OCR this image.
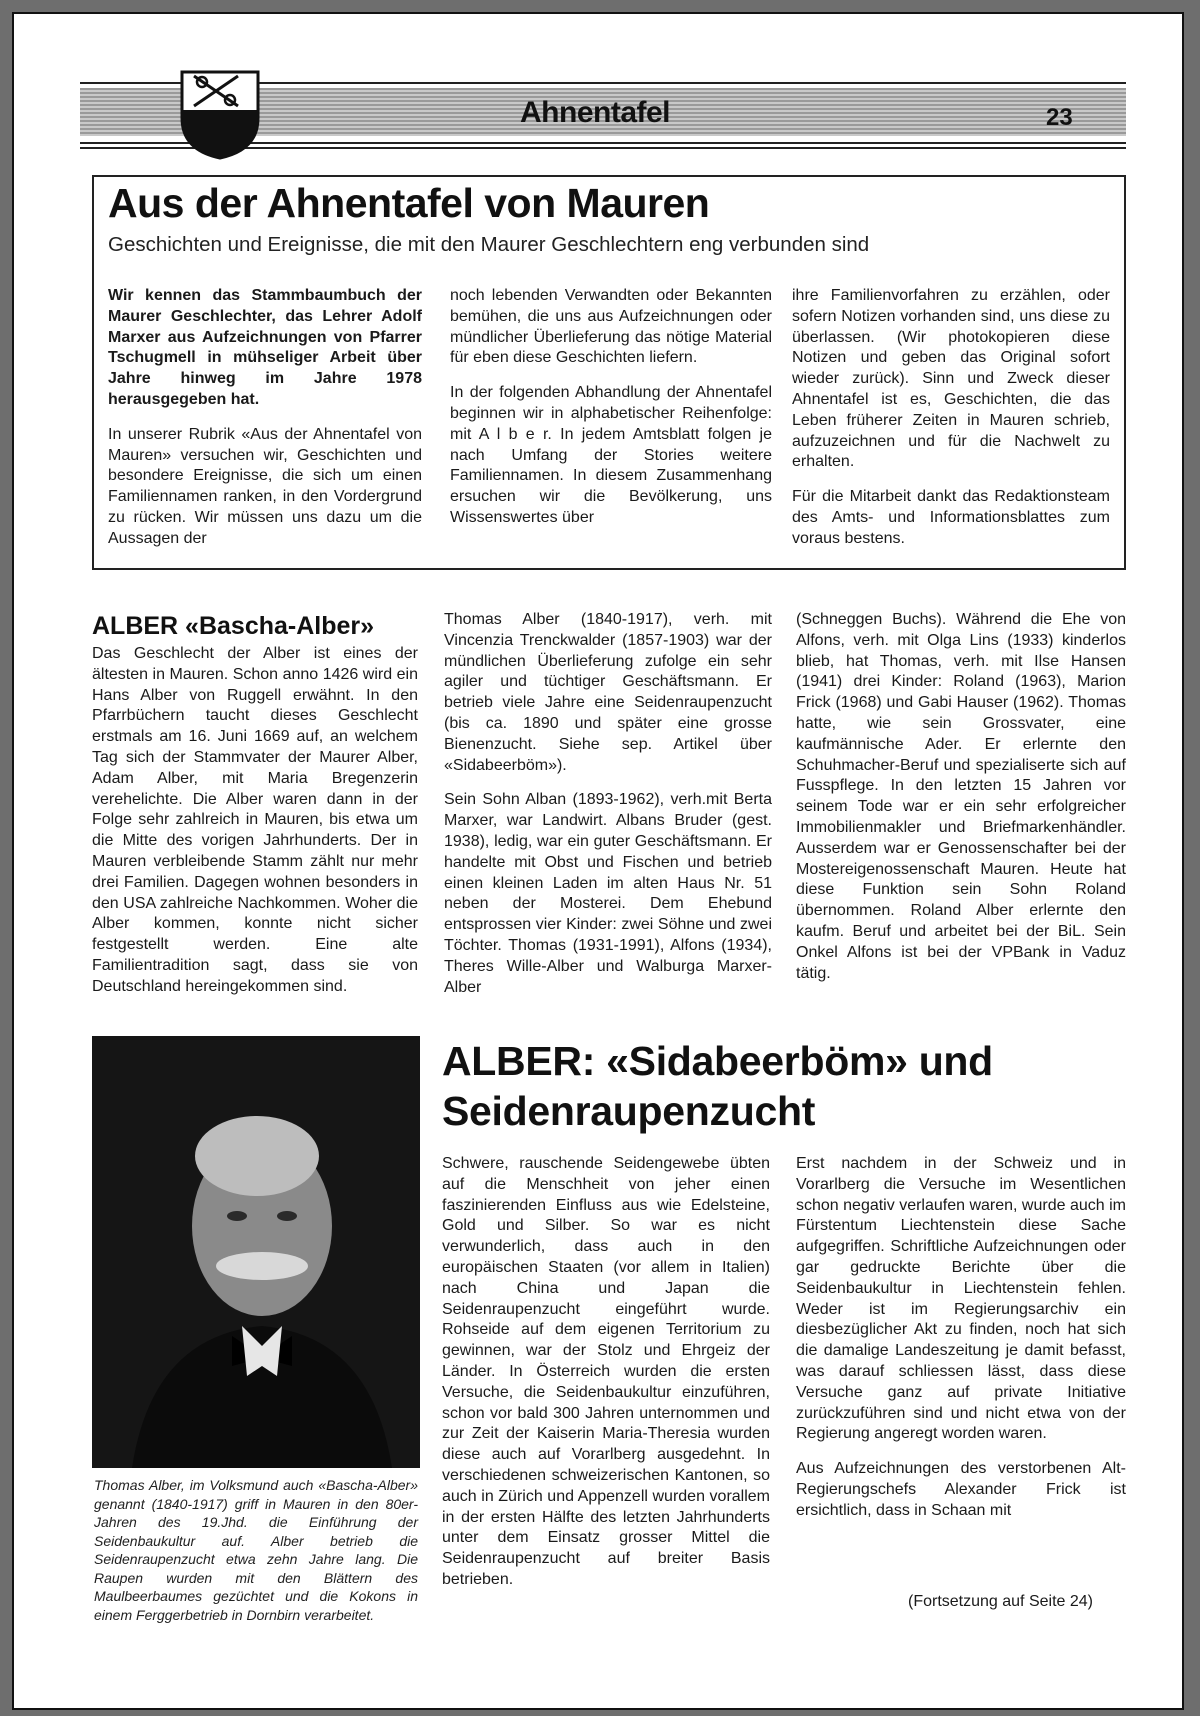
Ahnentafel	23
Aus der Ahnentafel von Mauren
Geschichten und Ereignisse, die mit den Maurer Geschlechtern eng verbunden sind

Wir kennen das Stammbaumbuch der Maurer Geschlechter, das Lehrer Adolf Marxer aus Aufzeichnungen von Pfarrer Tschugmell in mühseliger Arbeit über Jahre hinweg im Jahre 1978 herausgegeben hat.

In unserer Rubrik «Aus der Ahnentafel von Mauren» versuchen wir, Geschichten und besondere Ereignisse, die sich um einen Familiennamen ranken, in den Vordergrund zu rücken. Wir müssen uns dazu um die Aussagen der

noch lebenden Verwandten oder Bekannten bemühen, die uns aus Aufzeichnungen oder mündlicher Überlieferung das nötige Material für eben diese Geschichten liefern.

In der folgenden Abhandlung der Ahnentafel beginnen wir in alphabetischer Reihenfolge: mit A l b e r. In jedem Amtsblatt folgen je nach Umfang der Stories weitere Familiennamen. In diesem Zusammenhang ersuchen wir die Bevölkerung, uns Wissenswertes über

ihre Familienvorfahren zu erzählen, oder sofern Notizen vorhanden sind, uns diese zu überlassen. (Wir photokopieren diese Notizen und geben das Original sofort wieder zurück). Sinn und Zweck dieser Ahnentafel ist es, Geschichten, die das Leben früherer Zeiten in Mauren schrieb, aufzuzeichnen und für die Nachwelt zu erhalten.

Für die Mitarbeit dankt das Redaktionsteam des Amts- und Informationsblattes zum voraus bestens.

ALBER «Bascha-Alber»

Das Geschlecht der Alber ist eines der ältesten in Mauren. Schon anno 1426 wird ein Hans Alber von Ruggell erwähnt. In den Pfarrbüchern taucht dieses Geschlecht erstmals am 16. Juni 1669 auf, an welchem Tag sich der Stammvater der Maurer Alber, Adam Alber, mit Maria Bregenzerin verehelichte. Die Alber waren dann in der Folge sehr zahlreich in Mauren, bis etwa um die Mitte des vorigen Jahrhunderts. Der in Mauren verbleibende Stamm zählt nur mehr drei Familien. Dagegen wohnen besonders in den USA zahlreiche Nachkommen. Woher die Alber kommen, konnte nicht sicher festgestellt werden. Eine alte Familientradition sagt, dass sie von Deutschland hereingekommen sind.

Thomas Alber (1840-1917), verh. mit Vincenzia Trenckwalder (1857-1903) war der mündlichen Überlieferung zufolge ein sehr agiler und tüchtiger Geschäftsmann. Er betrieb viele Jahre eine Seidenraupenzucht (bis ca. 1890 und später eine grosse Bienenzucht. Siehe sep. Artikel über «Sidabeerböm»).

Sein Sohn Alban (1893-1962), verh.mit Berta Marxer, war Landwirt. Albans Bruder (gest. 1938), ledig, war ein guter Geschäftsmann. Er handelte mit Obst und Fischen und betrieb einen kleinen Laden im alten Haus Nr. 51 neben der Mosterei. Dem Ehebund entsprossen vier Kinder: zwei Söhne und zwei Töchter. Thomas (1931-1991), Alfons (1934), Theres Wille-Alber und Walburga Marxer-Alber

(Schneggen Buchs). Während die Ehe von Alfons, verh. mit Olga Lins (1933) kinderlos blieb, hat Thomas, verh. mit Ilse Hansen (1941) drei Kinder: Roland (1963), Marion Frick (1968) und Gabi Hauser (1962). Thomas hatte, wie sein Grossvater, eine kaufmännische Ader. Er erlernte den Schuhmacher-Beruf und spezialiserte sich auf Fusspflege. In den letzten 15 Jahren vor seinem Tode war er ein sehr erfolgreicher Immobilienmakler und Briefmarkenhändler. Ausserdem war er Genossenschafter bei der Mostereigenossenschaft Mauren. Heute hat diese Funktion sein Sohn Roland übernommen. Roland Alber erlernte den kaufm. Beruf und arbeitet bei der BiL. Sein Onkel Alfons ist bei der VPBank in Vaduz tätig.

Thomas Alber, im Volksmund auch «Bascha-Alber» genannt (1840-1917) griff in Mauren in den 80er-Jahren des 19.Jhd. die Einführung der Seidenbaukultur auf. Alber betrieb die Seidenraupenzucht etwa zehn Jahre lang. Die Raupen wurden mit den Blättern des Maulbeerbaumes gezüchtet und die Kokons in einem Ferggerbetrieb in Dornbirn verarbeitet.
ALBER: «Sidabeerböm» und Seidenraupenzucht

Schwere, rauschende Seidengewebe übten auf die Menschheit von jeher einen faszinierenden Einfluss aus wie Edelsteine, Gold und Silber. So war es nicht verwunderlich, dass auch in den europäischen Staaten (vor allem in Italien) nach China und Japan die Seidenraupenzucht eingeführt wurde. Rohseide auf dem eigenen Territorium zu gewinnen, war der Stolz und Ehrgeiz der Länder. In Österreich wurden die ersten Versuche, die Seidenbaukultur einzuführen, schon vor bald 300 Jahren unternommen und zur Zeit der Kaiserin Maria-Theresia wurden diese auch auf Vorarlberg ausgedehnt. In verschiedenen schweizerischen Kantonen, so auch in Zürich und Appenzell wurden vorallem in der ersten Hälfte des letzten Jahrhunderts unter dem Einsatz grosser Mittel die Seidenraupenzucht auf breiter Basis betrieben.

Erst nachdem in der Schweiz und in Vorarlberg die Versuche im Wesentlichen schon negativ verlaufen waren, wurde auch im Fürstentum Liechtenstein diese Sache aufgegriffen. Schriftliche Aufzeichnungen oder gar gedruckte Berichte über die Seidenbaukultur in Liechtenstein fehlen. Weder ist im Regierungsarchiv ein diesbezüglicher Akt zu finden, noch hat sich die damalige Landeszeitung je damit befasst, was darauf schliessen lässt, dass diese Versuche ganz auf private Initiative zurückzuführen sind und nicht etwa von der Regierung angeregt worden waren.

Aus Aufzeichnungen des verstorbenen Alt-Regierungschefs Alexander Frick ist ersichtlich, dass in Schaan mit

(Fortsetzung auf Seite 24)
